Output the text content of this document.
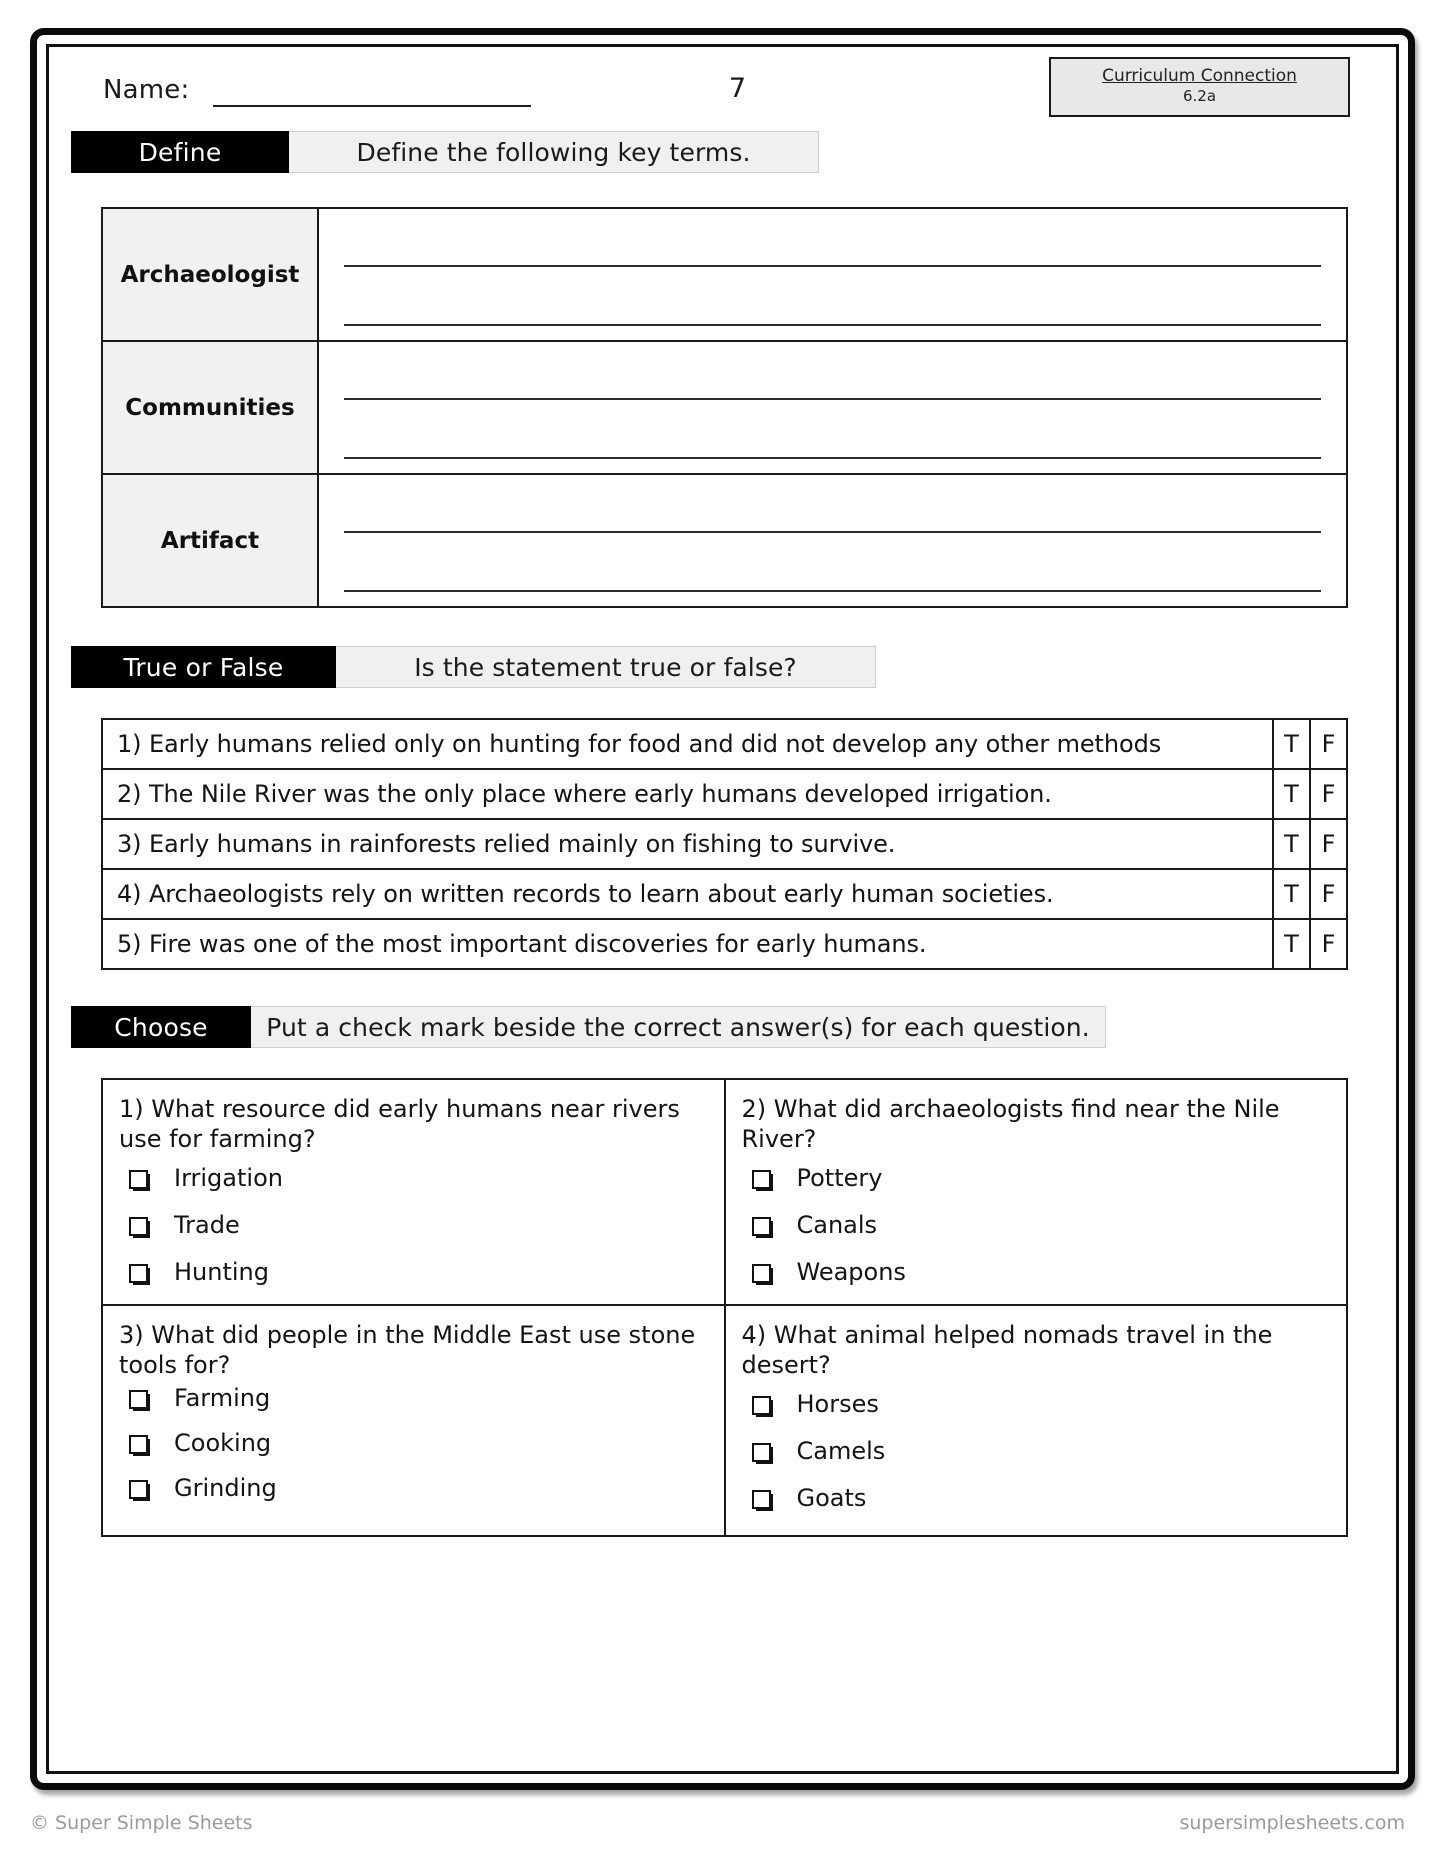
Name:	7	Curriculum Connection
6.2a
Define	Define the following key terms.
Archaeologist	

Communities	

Artifact	
True or False	Is the statement true or false?
1) Early humans relied only on hunting for food and did not develop any other methods	T	F
2) The Nile River was the only place where early humans developed irrigation.	T	F
3) Early humans in rainforests relied mainly on fishing to survive.	T	F
4) Archaeologists rely on written records to learn about early human societies.	T	F
5) Fire was one of the most important discoveries for early humans.	T	F
Choose	Put a check mark beside the correct answer(s) for each question.
1) What resource did early humans near rivers use for farming?
Irrigation
Trade
Hunting

2) What did archaeologists find near the Nile River?
Pottery
Canals
Weapons

3) What did people in the Middle East use stone tools for?
Farming
Cooking
Grinding

4) What animal helped nomads travel in the desert?
Horses
Camels
Goats
© Super Simple Sheets	supersimplesheets.com
